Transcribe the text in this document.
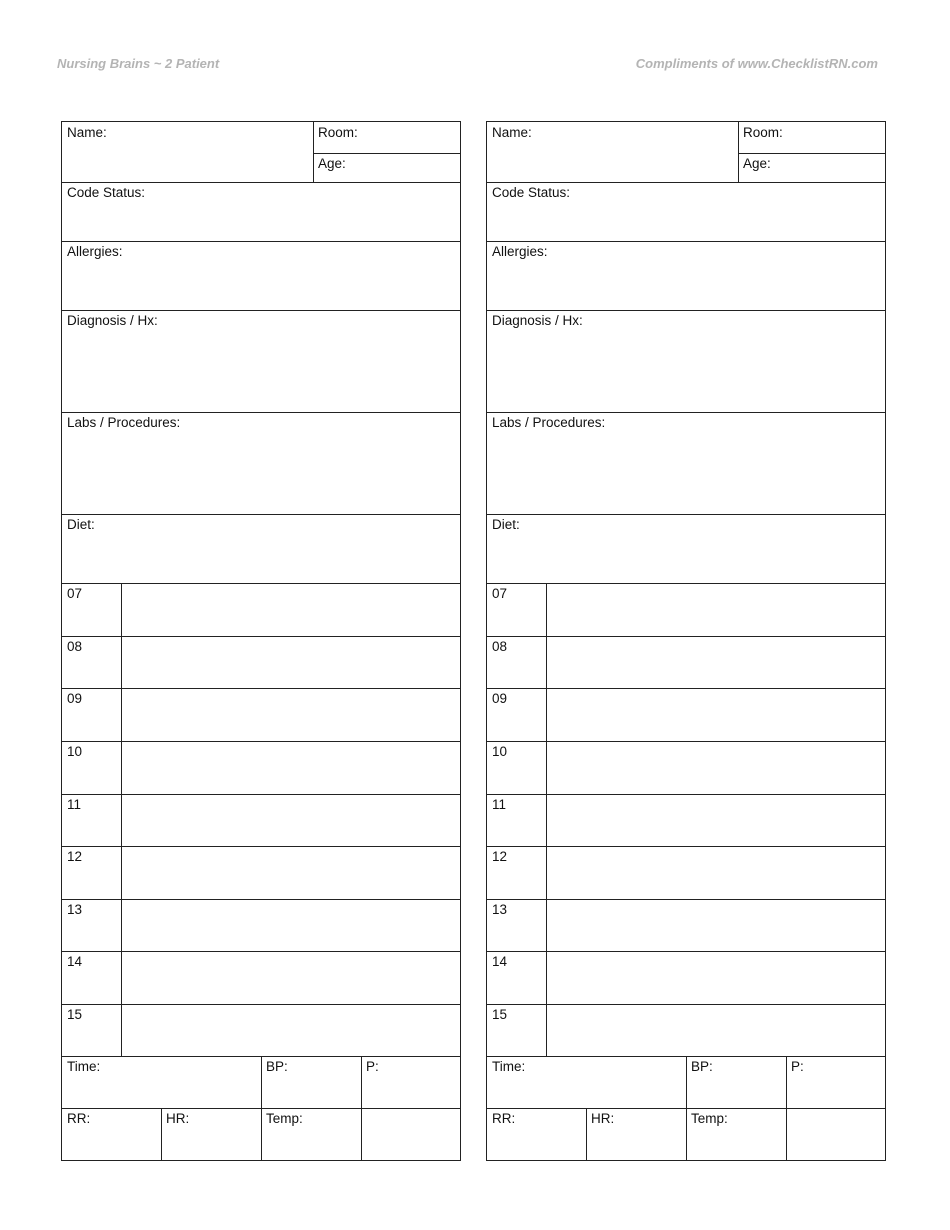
Nursing Brains ~ 2 Patient	Compliments of www.ChecklistRN.com
Name:	Room:
Age:
Code Status:
Allergies:
Diagnosis / Hx:
Labs / Procedures:
Diet:
07
08
09
10
11
12
13
14
15
Time:	BP:	P:
RR:	HR:	Temp:
Name:	Room:
Age:
Code Status:
Allergies:
Diagnosis / Hx:
Labs / Procedures:
Diet:
07
08
09
10
11
12
13
14
15
Time:	BP:	P:
RR:	HR:	Temp:
